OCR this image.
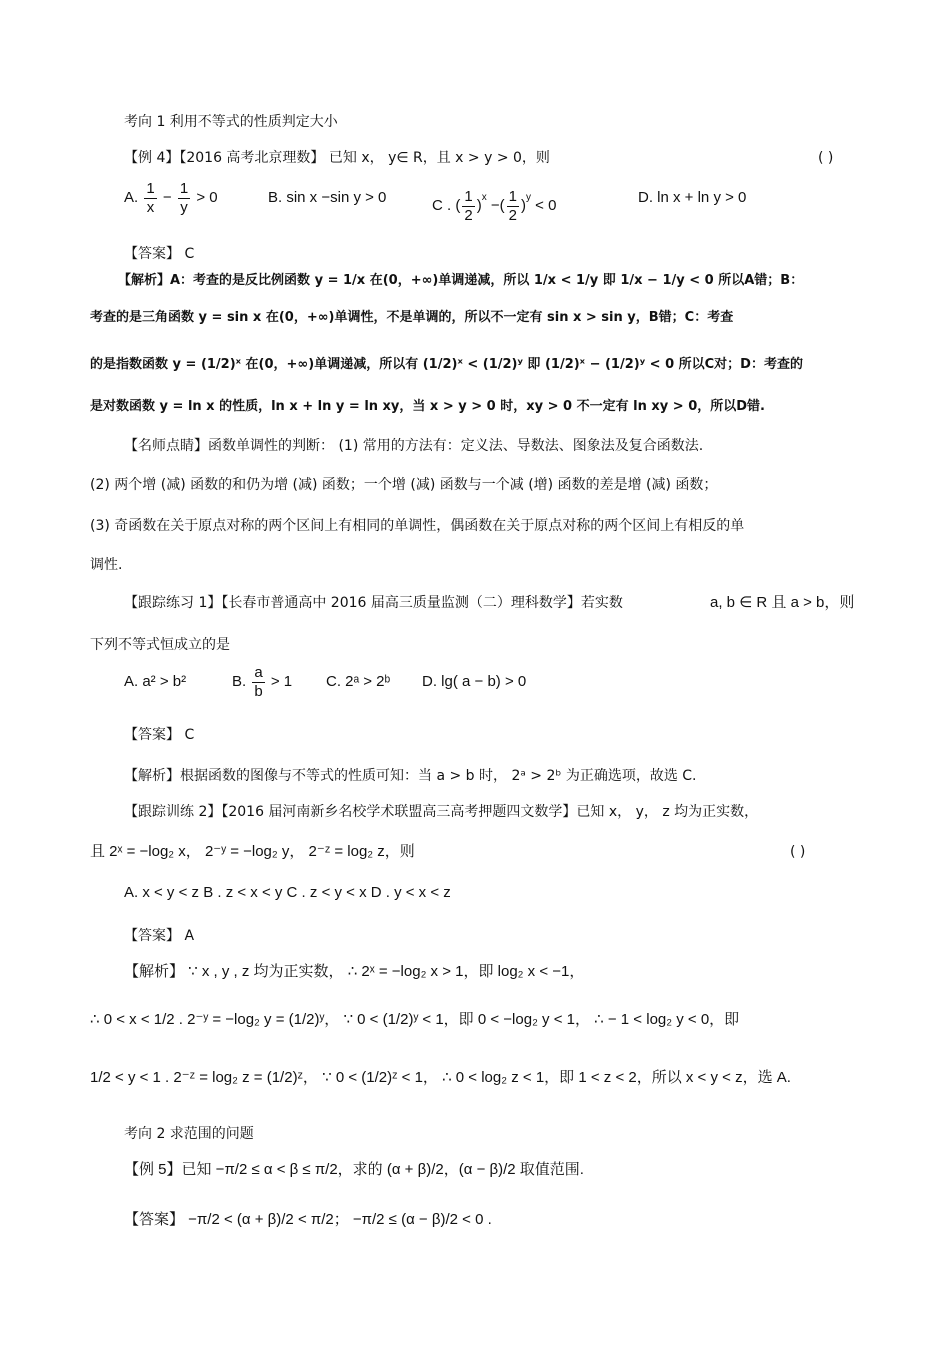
考向 1 利用不等式的性质判定大小
【例 4】【2016 高考北京理数】 已知 x， y∈ R，且 x > y > 0，则	( )
A. $\frac{1}{x} - \frac{1}{y} > 0$	B. sin x −sin y > 0	C . ( $\frac{1}{2} )^x$ −( $\frac{1}{2} )^y < 0$	D. ln x + ln y > 0
【答案】 C
【解析】A：考查的是反比例函数 y = 1/x 在(0，+∞)单调递减，所以 1/x < 1/y 即 1/x − 1/y < 0 所以A错；B：
考查的是三角函数 y = sin x 在(0，+∞)单调性，不是单调的，所以不一定有 sin x > sin y，B错；C：考查
的是指数函数 y = (1/2)ˣ 在(0，+∞)单调递减，所以有 (1/2)ˣ < (1/2)ʸ 即 (1/2)ˣ − (1/2)ʸ < 0 所以C对；D：考查的
是对数函数 y = ln x 的性质，ln x + ln y = ln xy，当 x > y > 0 时，xy > 0 不一定有 ln xy > 0，所以D错.
【名师点睛】函数单调性的判断： (1) 常用的方法有：定义法、导数法、图象法及复合函数法.
(2) 两个增 (减) 函数的和仍为增 (减) 函数；一个增 (减) 函数与一个减 (增) 函数的差是增 (减) 函数；
(3) 奇函数在关于原点对称的两个区间上有相同的单调性，偶函数在关于原点对称的两个区间上有相反的单
调性.
【跟踪练习 1】【长春市普通高中 2016 届高三质量监测（二）理科数学】若实数	a, b ∈ R 且 a > b，则
下列不等式恒成立的是
A. a² > b²	B. $\frac{a}{b} > 1$ C. 2ᵃ > 2ᵇ D. lg( a − b) > 0
【答案】 C
【解析】根据函数的图像与不等式的性质可知：当 a > b 时， 2ᵃ > 2ᵇ 为正确选项，故选 C.
【跟踪训练 2】【2016 届河南新乡名校学术联盟高三高考押题四文数学】已知 x， y， z 均为正实数，
且 2ˣ = −log₂ x， 2⁻ʸ = −log₂ y， 2⁻ᶻ = log₂ z，则	( )
A. x < y < z B . z < x < y C . z < y < x D . y < x < z
【答案】 A
【解析】 ∵ x , y , z 均为正实数， ∴ 2ˣ = −log₂ x > 1，即 log₂ x < −1，
∴ 0 < x < 1/2 . 2⁻ʸ = −log₂ y = (1/2)ʸ， ∵ 0 < (1/2)ʸ < 1，即 0 < −log₂ y < 1， ∴ − 1 < log₂ y < 0，即
1/2 < y < 1 . 2⁻ᶻ = log₂ z = (1/2)ᶻ， ∵ 0 < (1/2)ᶻ < 1， ∴ 0 < log₂ z < 1，即 1 < z < 2，所以 x < y < z，选 A.
考向 2 求范围的问题
【例 5】已知 −π/2 ≤ α < β ≤ π/2，求的 (α + β)/2，(α − β)/2 取值范围.
【答案】 −π/2 < (α + β)/2 < π/2； −π/2 ≤ (α − β)/2 < 0 .
